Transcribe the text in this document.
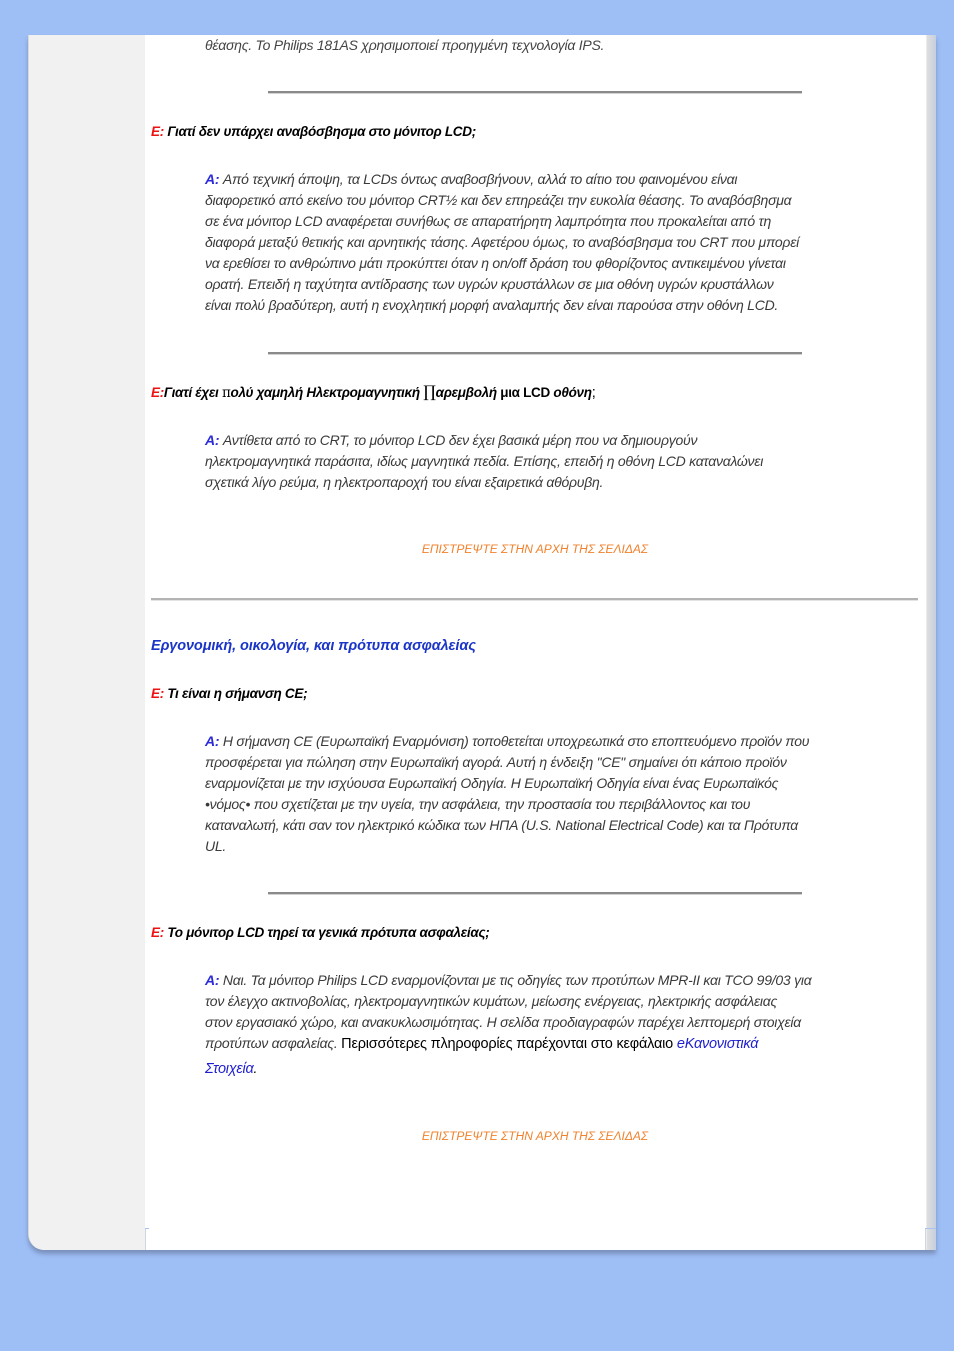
θέασης. Το Philips 181AS χρησιμοποιεί προηγμένη τεχνολογία IPS.
E: Γιατί δεν υπάρχει αναβόσβησμα στο μόνιτορ LCD;
A: Από τεχνική άποψη, τα LCDs όντως αναβοσβήνουν, αλλά το αίτιο του φαινομένου είναι
διαφορετικό από εκείνο του μόνιτορ CRT½ και δεν επηρεάζει την ευκολία θέασης. Το αναβόσβησμα
σε ένα μόνιτορ LCD αναφέρεται συνήθως σε απαρατήρητη λαμπρότητα που προκαλείται από τη
διαφορά μεταξύ θετικής και αρνητικής τάσης. Αφετέρου όμως, το αναβόσβησμα του CRT που μπορεί
να ερεθίσει το ανθρώπινο μάτι προκύπτει όταν η on/off δράση του φθορίζοντος αντικειμένου γίνεται
ορατή. Επειδή η ταχύτητα αντίδρασης των υγρών κρυστάλλων σε μια οθόνη υγρών κρυστάλλων
είναι πολύ βραδύτερη, αυτή η ενοχλητική μορφή αναλαμπής δεν είναι παρούσα στην οθόνη LCD.
E:Γιατί έχει πολύ χαμηλή Ηλεκτρομαγνητική ∏αρεμβολή μια LCD οθόνη;
A: Αντίθετα από το CRT, το μόνιτορ LCD δεν έχει βασικά μέρη που να δημιουργούν
ηλεκτρομαγνητικά παράσιτα, ιδίως μαγνητικά πεδία. Επίσης, επειδή η οθόνη LCD καταναλώνει
σχετικά λίγο ρεύμα, η ηλεκτροπαροχή του είναι εξαιρετικά αθόρυβη.
ΕΠΙΣΤΡΕΨΤΕ ΣΤΗΝ ΑΡΧΗ ΤΗΣ ΣΕΛΙΔΑΣ
Εργονομική, οικολογία, και πρότυπα ασφαλείας
E: Τι είναι η σήμανση CE;
A: Η σήμανση CE (Ευρωπαϊκή Εναρμόνιση) τοποθετείται υποχρεωτικά στο εποπτευόμενο προϊόν που
προσφέρεται για πώληση στην Ευρωπαϊκή αγορά. Αυτή η ένδειξη "CE" σημαίνει ότι κάποιο προϊόν
εναρμονίζεται με την ισχύουσα Ευρωπαϊκή Οδηγία. Η Ευρωπαϊκή Οδηγία είναι ένας Ευρωπαϊκός
•νόμος• που σχετίζεται με την υγεία, την ασφάλεια, την προστασία του περιβάλλοντος και του
καταναλωτή, κάτι σαν τον ηλεκτρικό κώδικα των ΗΠΑ (U.S. National Electrical Code) και τα Πρότυπα
UL.
E: Το μόνιτορ LCD τηρεί τα γενικά πρότυπα ασφαλείας;
A: Ναι. Τα μόνιτορ Philips LCD εναρμονίζονται με τις οδηγίες των προτύπων MPR-II και TCO 99/03 για
τον έλεγχο ακτινοβολίας, ηλεκτρομαγνητικών κυμάτων, μείωσης ενέργειας, ηλεκτρικής ασφάλειας
στον εργασιακό χώρο, και ανακυκλωσιμότητας. Η σελίδα προδιαγραφών παρέχει λεπτομερή στοιχεία
προτύπων ασφαλείας. Περισσότερες πληροφορίες παρέχονται στο κεφάλαιο eΚανονιστικά
Στοιχεία.
ΕΠΙΣΤΡΕΨΤΕ ΣΤΗΝ ΑΡΧΗ ΤΗΣ ΣΕΛΙΔΑΣ
